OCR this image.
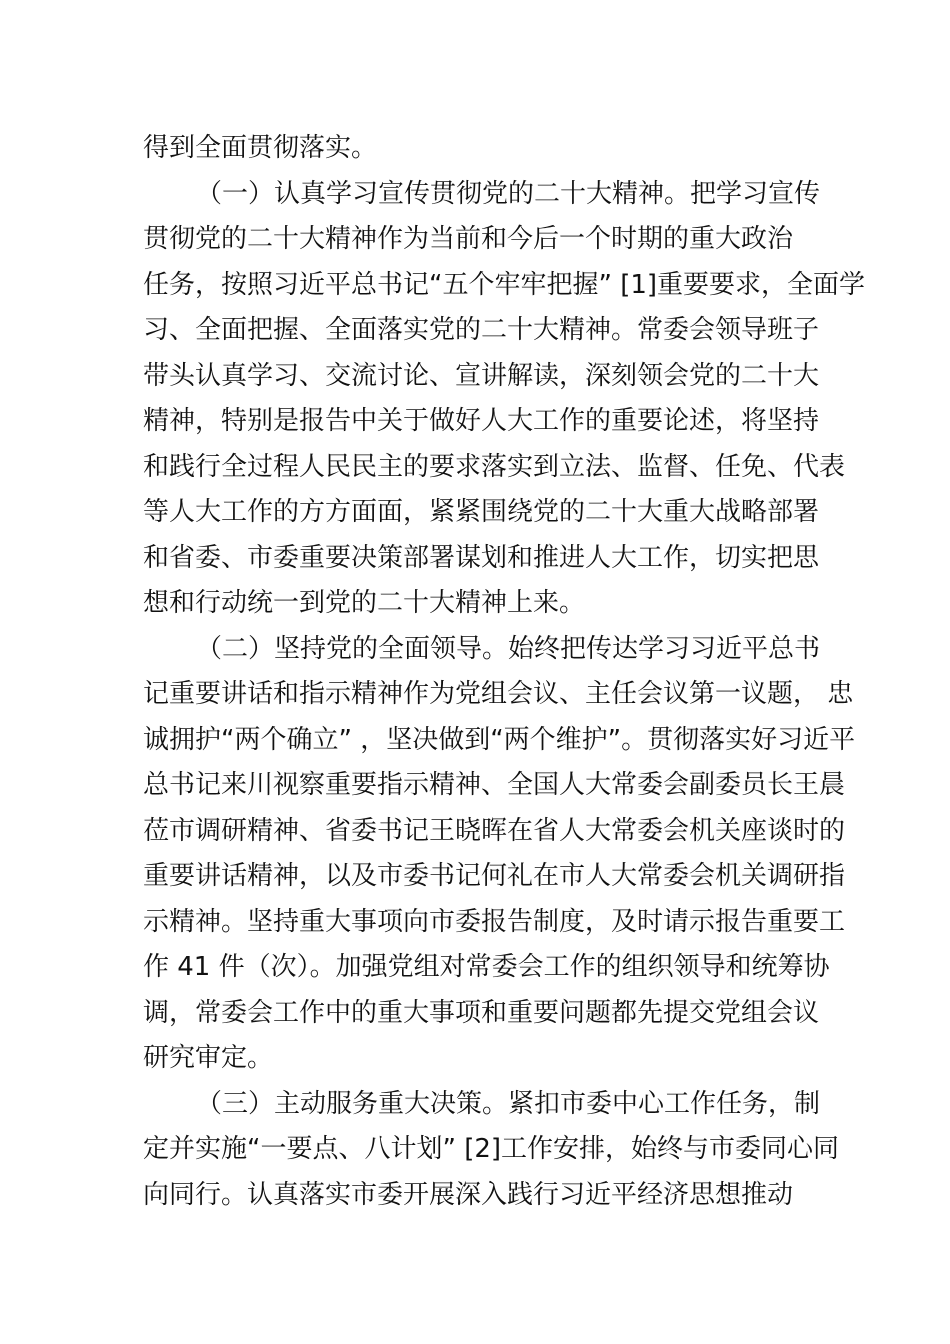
得到全面贯彻落实。
（一）认真学习宣传贯彻党的二十大精神。把学习宣传
贯彻党的二十大精神作为当前和今后一个时期的重大政治
任务，按照习近平总书记“五个牢牢把握” [1]重要要求，全面学
习、全面把握、全面落实党的二十大精神。常委会领导班子
带头认真学习、交流讨论、宣讲解读，深刻领会党的二十大
精神，特别是报告中关于做好人大工作的重要论述，将坚持
和践行全过程人民民主的要求落实到立法、监督、任免、代表
等人大工作的方方面面，紧紧围绕党的二十大重大战略部署
和省委、市委重要决策部署谋划和推进人大工作，切实把思
想和行动统一到党的二十大精神上来。
（二）坚持党的全面领导。始终把传达学习习近平总书
记重要讲话和指示精神作为党组会议、主任会议第一议题， 忠
诚拥护“两个确立” ，坚决做到“两个维护”。贯彻落实好习近平
总书记来川视察重要指示精神、全国人大常委会副委员长王晨
莅市调研精神、省委书记王晓晖在省人大常委会机关座谈时的
重要讲话精神，以及市委书记何礼在市人大常委会机关调研指
示精神。坚持重大事项向市委报告制度，及时请示报告重要工
作 41 件（次）。加强党组对常委会工作的组织领导和统筹协
调，常委会工作中的重大事项和重要问题都先提交党组会议
研究审定。
（三）主动服务重大决策。紧扣市委中心工作任务，制
定并实施“一要点、八计划” [2]工作安排，始终与市委同心同
向同行。认真落实市委开展深入践行习近平经济思想推动
